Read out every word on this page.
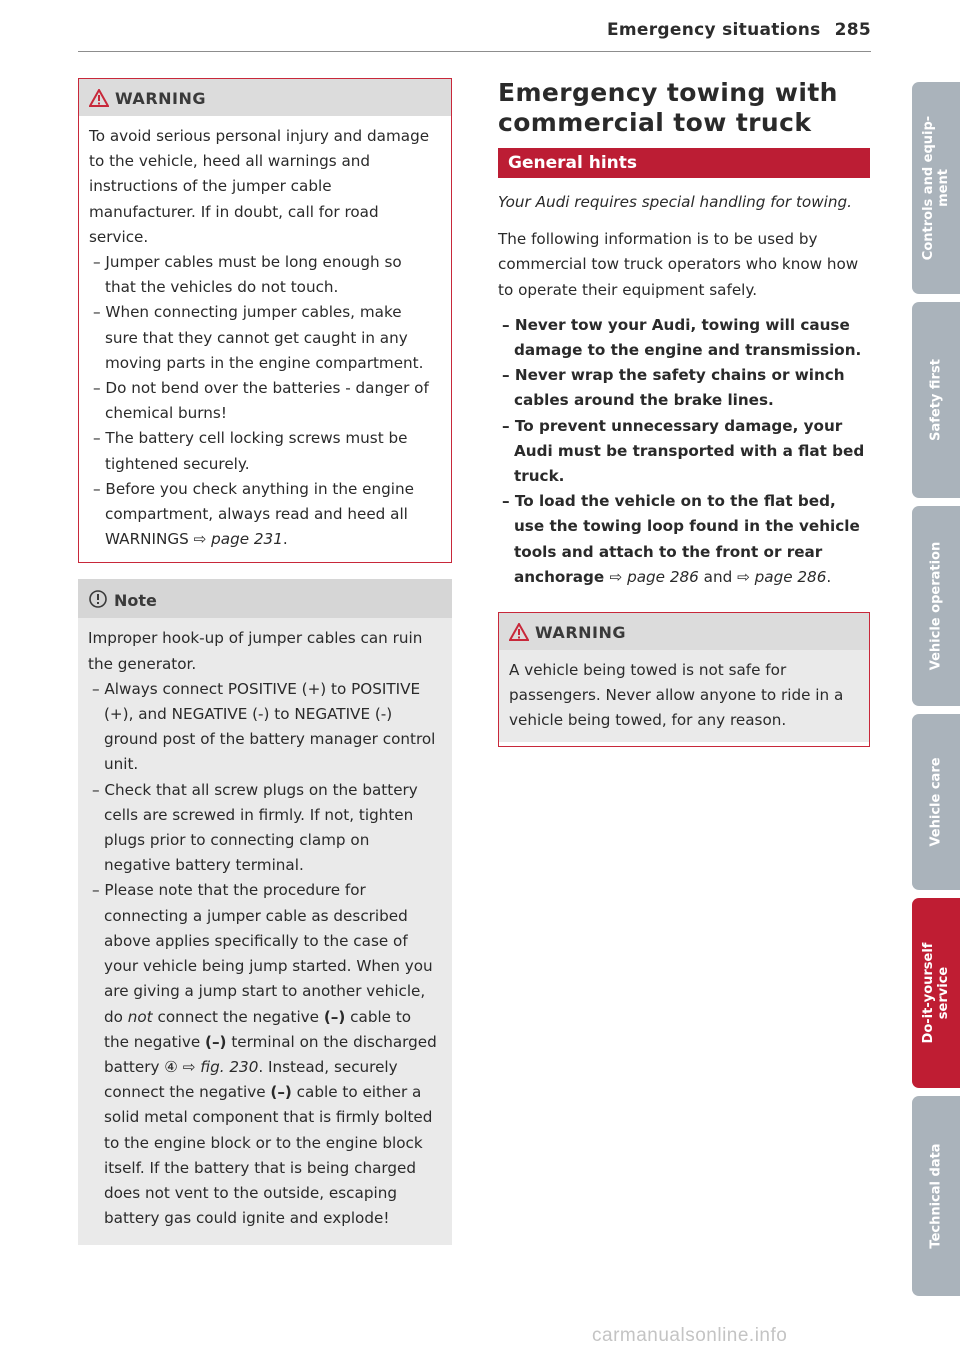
Emergency situations 285
WARNING

To avoid serious personal injury and damage to the vehicle, heed all warnings and instructions of the jumper cable manufacturer. If in doubt, call for road service.

– Jumper cables must be long enough so that the vehicles do not touch.
– When connecting jumper cables, make sure that they cannot get caught in any moving parts in the engine compartment.
– Do not bend over the batteries - danger of chemical burns!
– The battery cell locking screws must be tightened securely.
– Before you check anything in the engine compartment, always read and heed all WARNINGS ⇨ page 231.
Note

Improper hook-up of jumper cables can ruin the generator.

– Always connect POSITIVE (+) to POSITIVE (+), and NEGATIVE (-) to NEGATIVE (-) ground post of the battery manager control unit.
– Check that all screw plugs on the battery cells are screwed in firmly. If not, tighten plugs prior to connecting clamp on negative battery terminal.
– Please note that the procedure for connecting a jumper cable as described above applies specifically to the case of your vehicle being jump started. When you are giving a jump start to another vehicle, do not connect the negative (–) cable to the negative (–) terminal on the discharged battery ④ ⇨ fig. 230. Instead, securely connect the negative (–) cable to either a solid metal component that is firmly bolted to the engine block or to the engine block itself. If the battery that is being charged does not vent to the outside, escaping battery gas could ignite and explode!
Emergency towing with commercial tow truck
General hints

Your Audi requires special handling for towing.

The following information is to be used by commercial tow truck operators who know how to operate their equipment safely.

– Never tow your Audi, towing will cause damage to the engine and transmission.
– Never wrap the safety chains or winch cables around the brake lines.
– To prevent unnecessary damage, your Audi must be transported with a flat bed truck.
– To load the vehicle on to the flat bed, use the towing loop found in the vehicle tools and attach to the front or rear anchorage ⇨ page 286 and ⇨ page 286.
WARNING

A vehicle being towed is not safe for passengers. Never allow anyone to ride in a vehicle being towed, for any reason.

Controls and equip-
ment
Safety first
Vehicle operation
Vehicle care
Do-it-yourself
service
Technical data
carmanualsonline.info
